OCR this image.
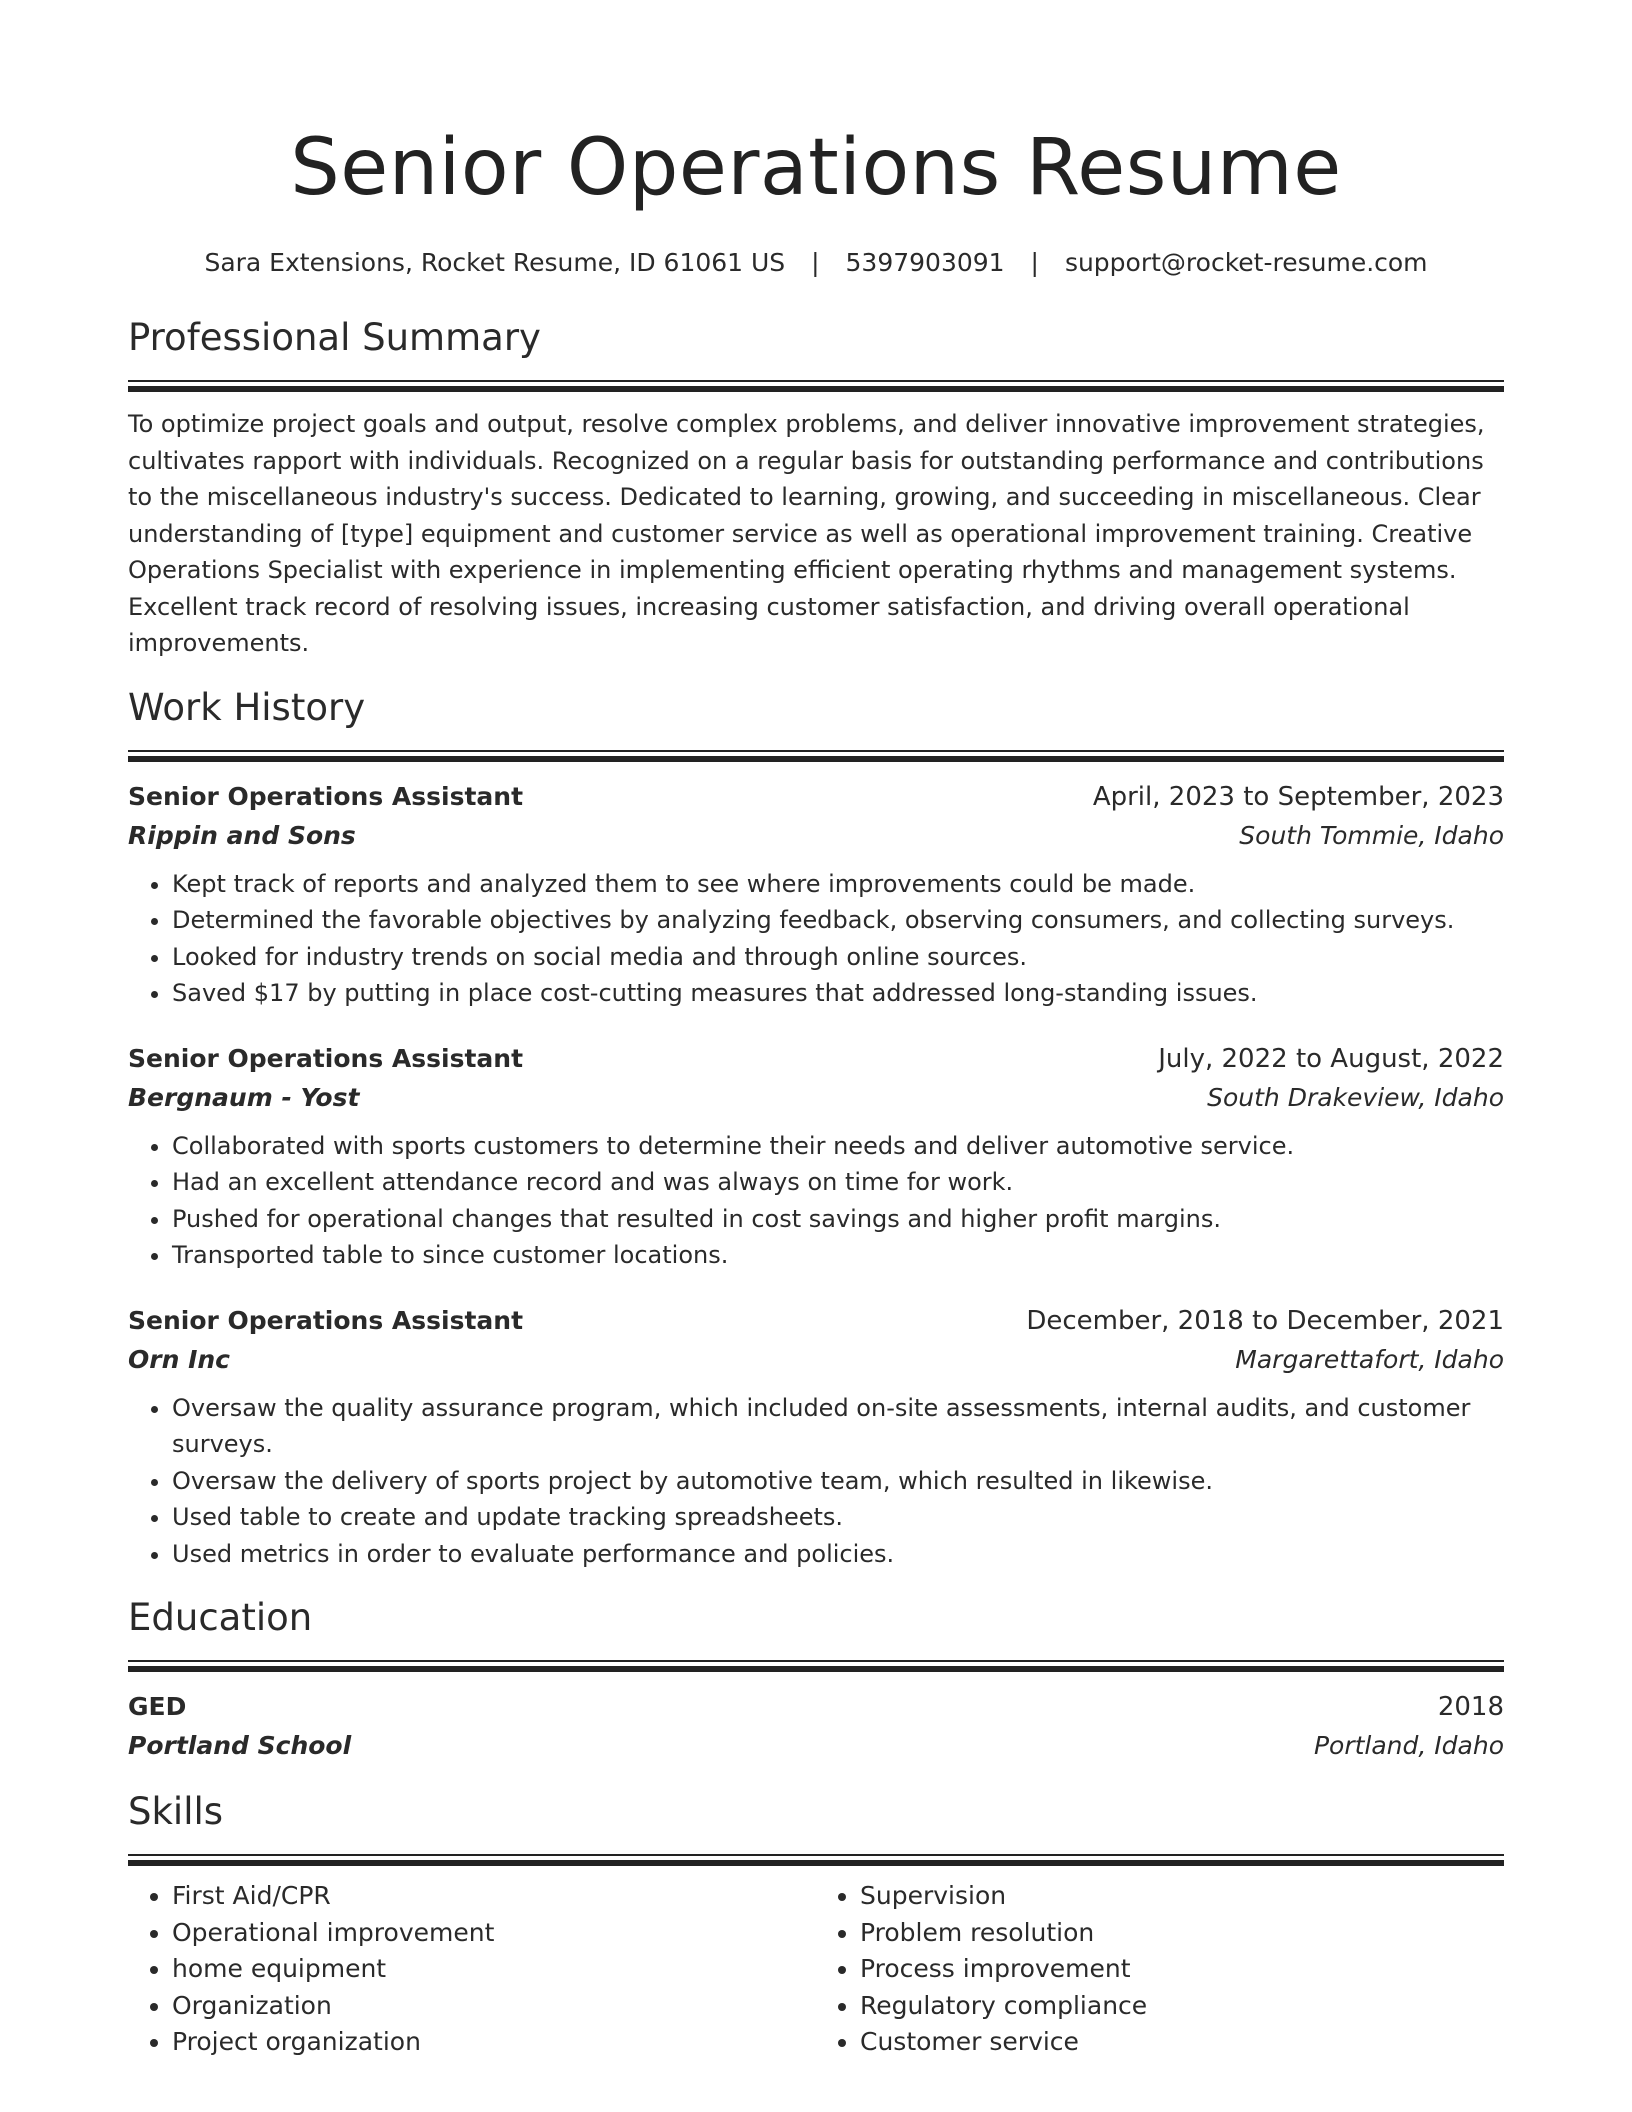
Senior Operations Resume
Sara Extensions, Rocket Resume, ID 61061 US | 5397903091 | support@rocket-resume.com
Professional Summary

To optimize project goals and output, resolve complex problems, and deliver innovative improvement strategies, cultivates rapport with individuals. Recognized on a regular basis for outstanding performance and contributions to the miscellaneous industry's success. Dedicated to learning, growing, and succeeding in miscellaneous. Clear understanding of [type] equipment and customer service as well as operational improvement training. Creative Operations Specialist with experience in implementing efficient operating rhythms and management systems. Excellent track record of resolving issues, increasing customer satisfaction, and driving overall operational improvements.

Work History
Senior Operations Assistant	April, 2023 to September, 2023
Rippin and Sons	South Tommie, Idaho
• Kept track of reports and analyzed them to see where improvements could be made.
• Determined the favorable objectives by analyzing feedback, observing consumers, and collecting surveys.
• Looked for industry trends on social media and through online sources.
• Saved $17 by putting in place cost-cutting measures that addressed long-standing issues.
Senior Operations Assistant	July, 2022 to August, 2022
Bergnaum - Yost	South Drakeview, Idaho
• Collaborated with sports customers to determine their needs and deliver automotive service.
• Had an excellent attendance record and was always on time for work.
• Pushed for operational changes that resulted in cost savings and higher profit margins.
• Transported table to since customer locations.
Senior Operations Assistant	December, 2018 to December, 2021
Orn Inc	Margarettafort, Idaho
• Oversaw the quality assurance program, which included on-site assessments, internal audits, and customer surveys.
• Oversaw the delivery of sports project by automotive team, which resulted in likewise.
• Used table to create and update tracking spreadsheets.
• Used metrics in order to evaluate performance and policies.
Education
GED	2018
Portland School	Portland, Idaho
Skills
• First Aid/CPR
• Operational improvement
• home equipment
• Organization
• Project organization
• Supervision
• Problem resolution
• Process improvement
• Regulatory compliance
• Customer service
